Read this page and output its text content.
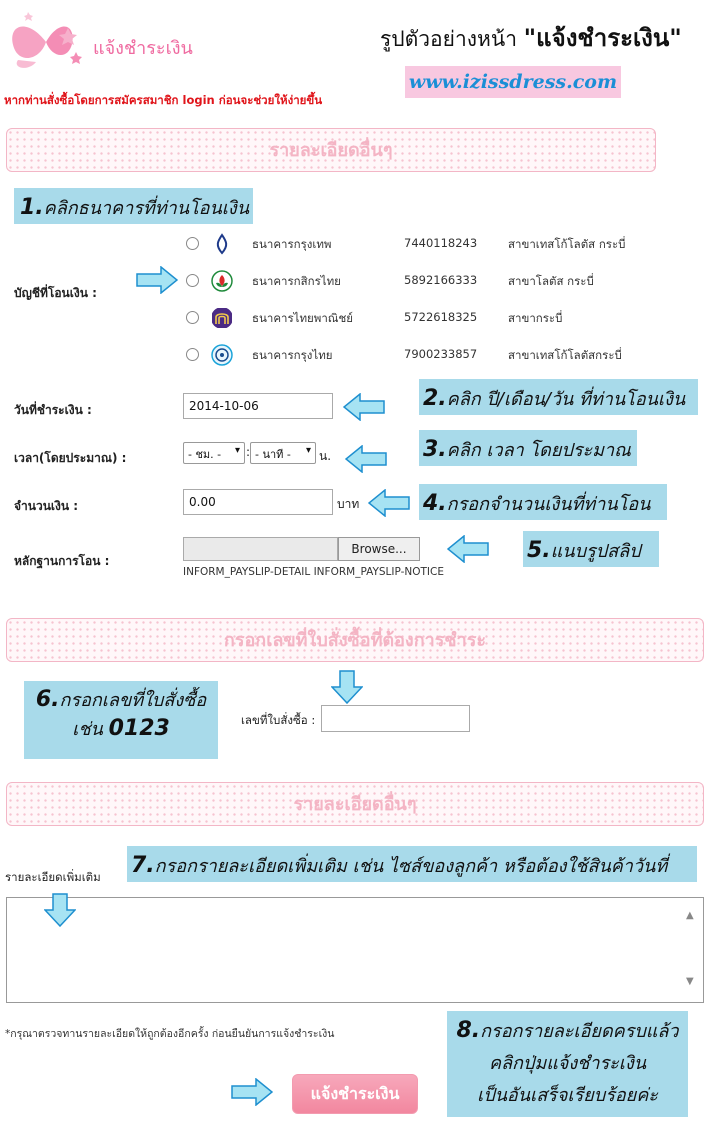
แจ้งชำระเงิน	รูปตัวอย่างหน้า "แจ้งชำระเงิน"
www.izissdress.com
หากท่านสั่งซื้อโดยการสมัครสมาชิก login ก่อนจะช่วยให้ง่ายขึ้น
รายละเอียดอื่นๆ
1.คลิกธนาคารที่ท่านโอนเงิน
บัญชีที่โอนเงิน :
ธนาคารกรุงเทพ	7440118243	สาขาเทสโก้โลตัส กระบี่
ธนาคารกสิกรไทย	5892166333	สาขาโลตัส กระบี่
ธนาคารไทยพาณิชย์	5722618325	สาขากระบี่
ธนาคารกรุงไทย	7900233857	สาขาเทสโก้โลตัสกระบี่
วันที่ชำระเงิน :	2014-10-06	2.คลิก ปี/เดือน/วัน ที่ท่านโอนเงิน
เวลา(โดยประมาณ) :	- ชม. - ▾ : - นาที - ▾ น.	3.คลิก เวลา โดยประมาณ
จำนวนเงิน :	0.00	บาท	4.กรอกจำนวนเงินที่ท่านโอน
หลักฐานการโอน :
Browse...
INFORM_PAYSLIP-DETAIL INFORM_PAYSLIP-NOTICE
5.แนบรูปสลิป
กรอกเลขที่ใบสั่งซื้อที่ต้องการชำระ
6.กรอกเลขที่ใบสั่งซื้อ
เช่น 0123	เลขที่ใบสั่งซื้อ :
รายละเอียดอื่นๆ
รายละเอียดเพิ่มเติม 7.กรอกรายละเอียดเพิ่มเติม เช่น ไซส์ของลูกค้า หรือต้องใช้สินค้าวันที่
▲
▼
*กรุณาตรวจทานรายละเอียดให้ถูกต้องอีกครั้ง ก่อนยืนยันการแจ้งชำระเงิน	8.กรอกรายละเอียดครบแล้ว
คลิกปุ่มแจ้งชำระเงิน
เป็นอันเสร็จเรียบร้อยค่ะ
แจ้งชำระเงิน
